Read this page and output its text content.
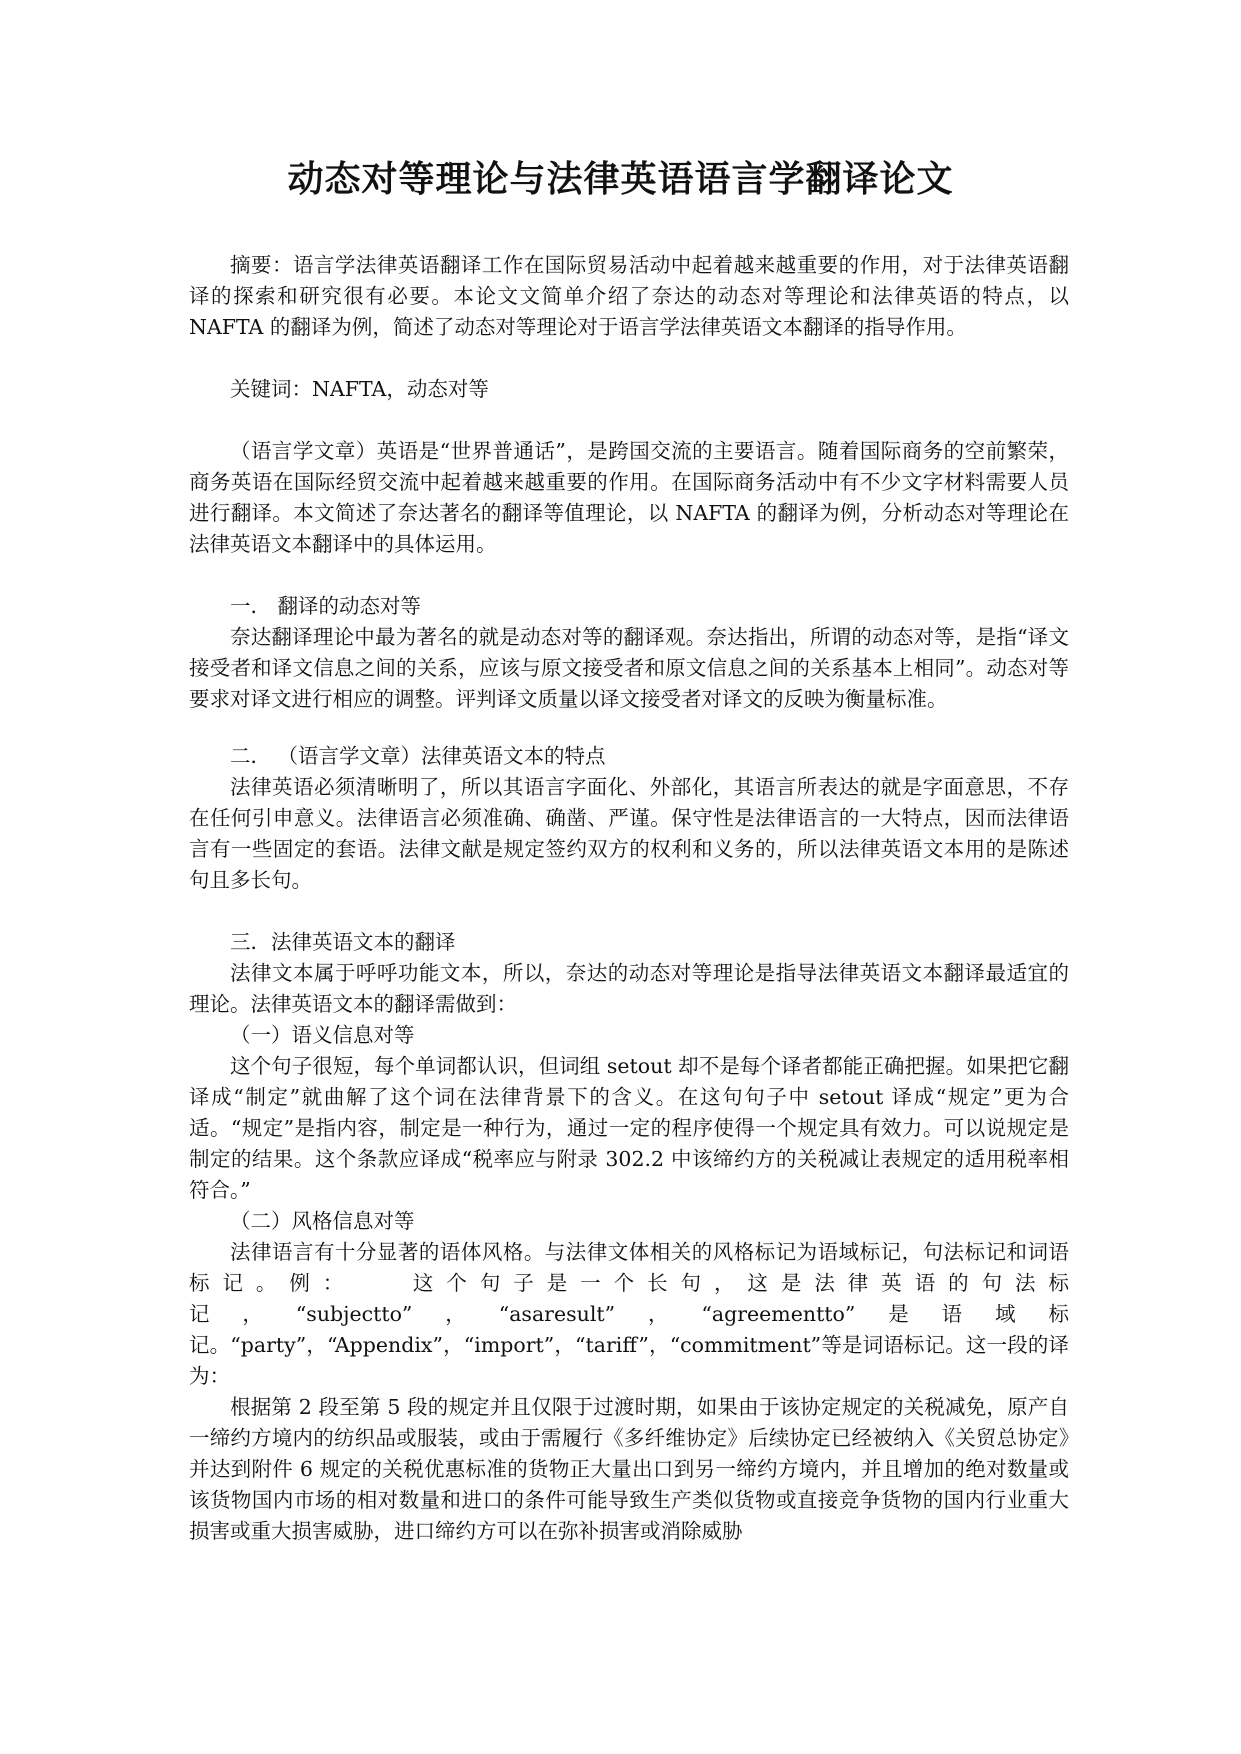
动态对等理论与法律英语语言学翻译论文

摘要：语言学法律英语翻译工作在国际贸易活动中起着越来越重要的作用，对于法律英语翻译的探索和研究很有必要。本论文文简单介绍了奈达的动态对等理论和法律英语的特点，以 NAFTA 的翻译为例，简述了动态对等理论对于语言学法律英语文本翻译的指导作用。

关键词：NAFTA，动态对等

（语言学文章）英语是“世界普通话”，是跨国交流的主要语言。随着国际商务的空前繁荣，商务英语在国际经贸交流中起着越来越重要的作用。在国际商务活动中有不少文字材料需要人员进行翻译。本文简述了奈达著名的翻译等值理论，以 NAFTA 的翻译为例，分析动态对等理论在法律英语文本翻译中的具体运用。

一． 翻译的动态对等

奈达翻译理论中最为著名的就是动态对等的翻译观。奈达指出，所谓的动态对等，是指“译文接受者和译文信息之间的关系，应该与原文接受者和原文信息之间的关系基本上相同”。动态对等要求对译文进行相应的调整。评判译文质量以译文接受者对译文的反映为衡量标准。

二． （语言学文章）法律英语文本的特点

法律英语必须清晰明了，所以其语言字面化、外部化，其语言所表达的就是字面意思，不存在任何引申意义。法律语言必须准确、确凿、严谨。保守性是法律语言的一大特点，因而法律语言有一些固定的套语。法律文献是规定签约双方的权利和义务的，所以法律英语文本用的是陈述句且多长句。

三．法律英语文本的翻译

法律文本属于呼呼功能文本，所以，奈达的动态对等理论是指导法律英语文本翻译最适宜的理论。法律英语文本的翻译需做到：

（一）语义信息对等

这个句子很短，每个单词都认识，但词组 setout 却不是每个译者都能正确把握。如果把它翻译成“制定”就曲解了这个词在法律背景下的含义。在这句句子中 setout 译成“规定”更为合适。“规定”是指内容，制定是一种行为，通过一定的程序使得一个规定具有效力。可以说规定是制定的结果。这个条款应译成“税率应与附录 302.2 中该缔约方的关税减让表规定的适用税率相符合。”

（二）风格信息对等

法律语言有十分显著的语体风格。与法律文体相关的风格标记为语域标记，句法标记和词语标记。例：　　这个句子是一个长句，这是法律英语的句法标记，“subjectto”，“asaresult”，“agreementto”是语域标记。“party”，“Appendix”，“import”，“tariff”，“commitment”等是词语标记。这一段的译为：

根据第 2 段至第 5 段的规定并且仅限于过渡时期，如果由于该协定规定的关税减免，原产自一缔约方境内的纺织品或服装，或由于需履行《多纤维协定》后续协定已经被纳入《关贸总协定》并达到附件 6 规定的关税优惠标准的货物正大量出口到另一缔约方境内，并且增加的绝对数量或该货物国内市场的相对数量和进口的条件可能导致生产类似货物或直接竞争货物的国内行业重大损害或重大损害威胁，进口缔约方可以在弥补损害或消除威胁
